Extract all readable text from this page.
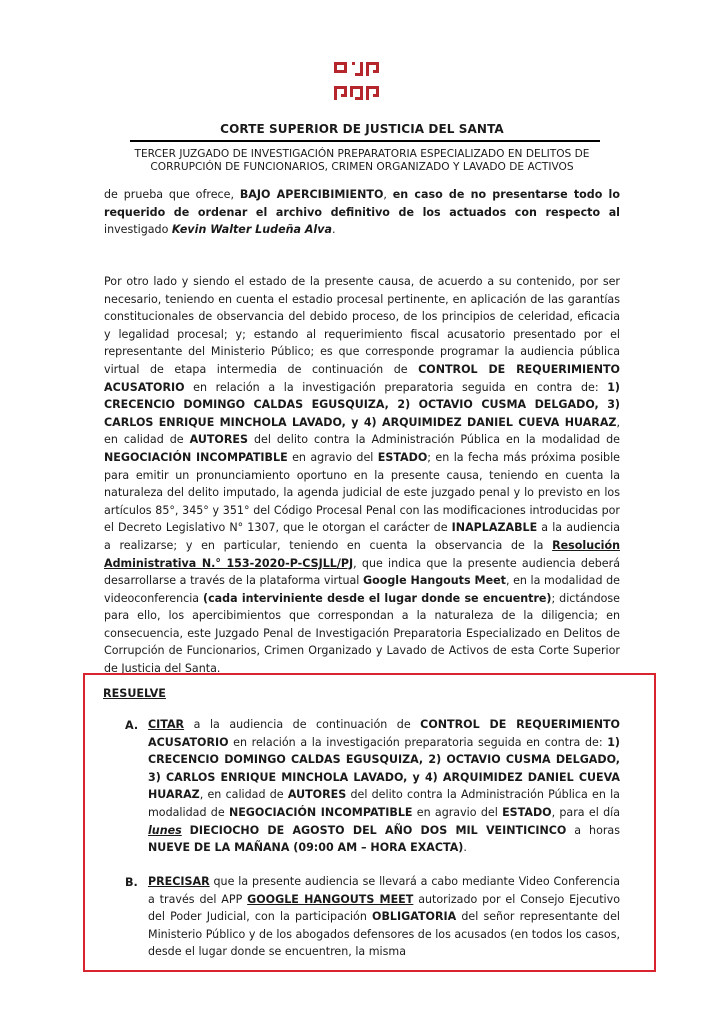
CORTE SUPERIOR DE JUSTICIA DEL SANTA
TERCER JUZGADO DE INVESTIGACIÓN PREPARATORIA ESPECIALIZADO EN DELITOS DE
CORRUPCIÓN DE FUNCIONARIOS, CRIMEN ORGANIZADO Y LAVADO DE ACTIVOS
de prueba que ofrece, BAJO APERCIBIMIENTO, en caso de no presentarse todo lo requerido de ordenar el archivo definitivo de los actuados con respecto al investigado Kevin Walter Ludeña Alva.
Por otro lado y siendo el estado de la presente causa, de acuerdo a su contenido, por ser necesario, teniendo en cuenta el estadio procesal pertinente, en aplicación de las garantías constitucionales de observancia del debido proceso, de los principios de celeridad, eficacia y legalidad procesal; y; estando al requerimiento fiscal acusatorio presentado por el representante del Ministerio Público; es que corresponde programar la audiencia pública virtual de etapa intermedia de continuación de CONTROL DE REQUERIMIENTO ACUSATORIO en relación a la investigación preparatoria seguida en contra de: 1) CRECENCIO DOMINGO CALDAS EGUSQUIZA, 2) OCTAVIO CUSMA DELGADO, 3) CARLOS ENRIQUE MINCHOLA LAVADO, y 4) ARQUIMIDEZ DANIEL CUEVA HUARAZ, en calidad de AUTORES del delito contra la Administración Pública en la modalidad de NEGOCIACIÓN INCOMPATIBLE en agravio del ESTADO; en la fecha más próxima posible para emitir un pronunciamiento oportuno en la presente causa, teniendo en cuenta la naturaleza del delito imputado, la agenda judicial de este juzgado penal y lo previsto en los artículos 85°, 345° y 351° del Código Procesal Penal con las modificaciones introducidas por el Decreto Legislativo N° 1307, que le otorgan el carácter de INAPLAZABLE a la audiencia a realizarse; y en particular, teniendo en cuenta la observancia de la Resolución Administrativa N.° 153-2020-P-CSJLL/PJ, que indica que la presente audiencia deberá desarrollarse a través de la plataforma virtual Google Hangouts Meet, en la modalidad de videoconferencia (cada interviniente desde el lugar donde se encuentre); dictándose para ello, los apercibimientos que correspondan a la naturaleza de la diligencia; en consecuencia, este Juzgado Penal de Investigación Preparatoria Especializado en Delitos de Corrupción de Funcionarios, Crimen Organizado y Lavado de Activos de esta Corte Superior de Justicia del Santa.
RESUELVE
A. CITAR a la audiencia de continuación de CONTROL DE REQUERIMIENTO ACUSATORIO en relación a la investigación preparatoria seguida en contra de: 1) CRECENCIO DOMINGO CALDAS EGUSQUIZA, 2) OCTAVIO CUSMA DELGADO, 3) CARLOS ENRIQUE MINCHOLA LAVADO, y 4) ARQUIMIDEZ DANIEL CUEVA HUARAZ, en calidad de AUTORES del delito contra la Administración Pública en la modalidad de NEGOCIACIÓN INCOMPATIBLE en agravio del ESTADO, para el día lunes DIECIOCHO DE AGOSTO DEL AÑO DOS MIL VEINTICINCO a horas NUEVE DE LA MAÑANA (09:00 AM – HORA EXACTA).
B. PRECISAR que la presente audiencia se llevará a cabo mediante Video Conferencia a través del APP GOOGLE HANGOUTS MEET autorizado por el Consejo Ejecutivo del Poder Judicial, con la participación OBLIGATORIA del señor representante del Ministerio Público y de los abogados defensores de los acusados (en todos los casos, desde el lugar donde se encuentren, la misma
